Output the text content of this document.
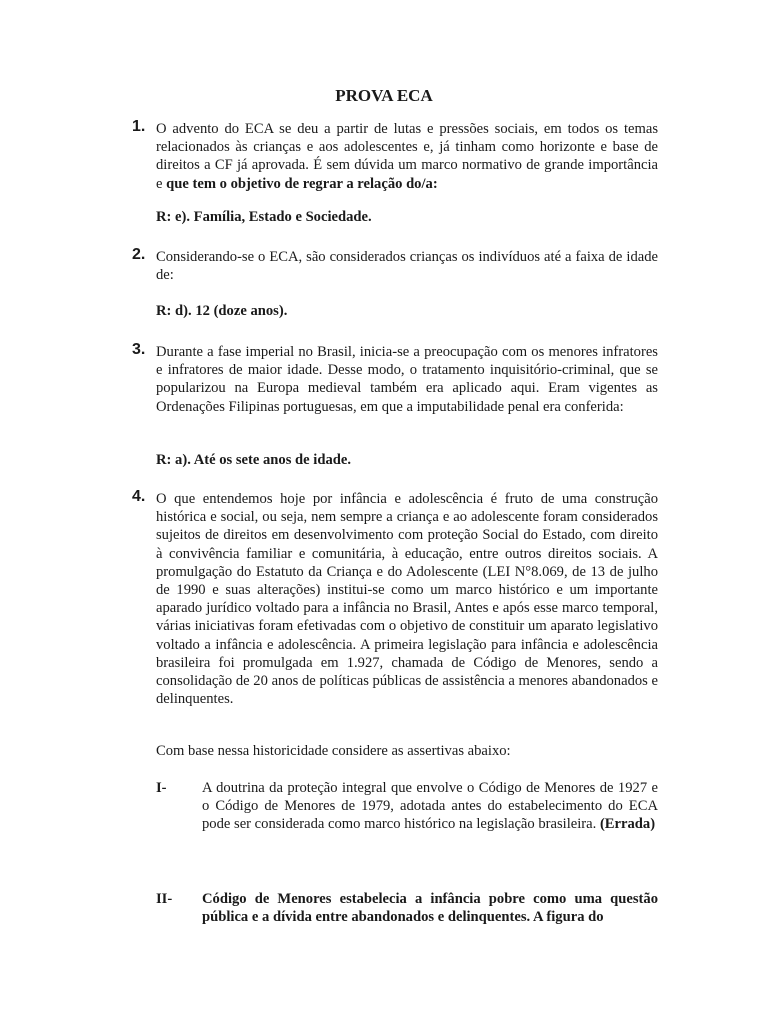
PROVA ECA
1. O advento do ECA se deu a partir de lutas e pressões sociais, em todos os temas relacionados às crianças e aos adolescentes e, já tinham como horizonte e base de direitos a CF já aprovada. É sem dúvida um marco normativo de grande importância e que tem o objetivo de regrar a relação do/a:
R: e). Família, Estado e Sociedade.
2. Considerando-se o ECA, são considerados crianças os indivíduos até a faixa de idade de:
R: d). 12 (doze anos).
3. Durante a fase imperial no Brasil, inicia-se a preocupação com os menores infratores e infratores de maior idade. Desse modo, o tratamento inquisitório-criminal, que se popularizou na Europa medieval também era aplicado aqui. Eram vigentes as Ordenações Filipinas portuguesas, em que a imputabilidade penal era conferida:
R: a). Até os sete anos de idade.
4. O que entendemos hoje por infância e adolescência é fruto de uma construção histórica e social, ou seja, nem sempre a criança e ao adolescente foram considerados sujeitos de direitos em desenvolvimento com proteção Social do Estado, com direito à convivência familiar e comunitária, à educação, entre outros direitos sociais. A promulgação do Estatuto da Criança e do Adolescente (LEI N°8.069, de 13 de julho de 1990 e suas alterações) institui-se como um marco histórico e um importante aparado jurídico voltado para a infância no Brasil, Antes e após esse marco temporal, várias iniciativas foram efetivadas com o objetivo de constituir um aparato legislativo voltado a infância e adolescência. A primeira legislação para infância e adolescência brasileira foi promulgada em 1.927, chamada de Código de Menores, sendo a consolidação de 20 anos de políticas públicas de assistência a menores abandonados e delinquentes.
Com base nessa historicidade considere as assertivas abaixo:
I- A doutrina da proteção integral que envolve o Código de Menores de 1927 e o Código de Menores de 1979, adotada antes do estabelecimento do ECA pode ser considerada como marco histórico na legislação brasileira. (Errada)
II- Código de Menores estabelecia a infância pobre como uma questão pública e a dívida entre abandonados e delinquentes. A figura do
